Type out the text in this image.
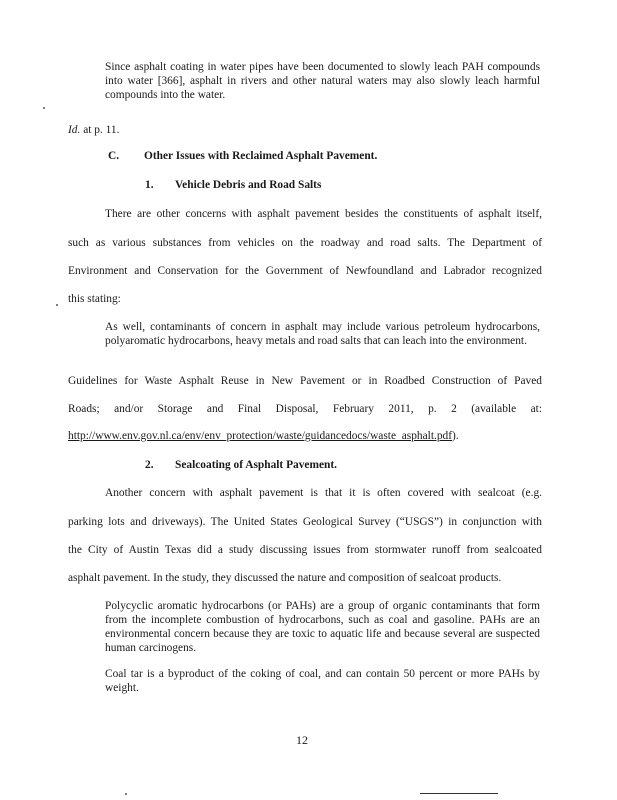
Since asphalt coating in water pipes have been documented to slowly leach PAH compounds into water [366], asphalt in rivers and other natural waters may also slowly leach harmful compounds into the water.

Id. at p. 11.
C. Other Issues with Reclaimed Asphalt Pavement.
1. Vehicle Debris and Road Salts
There are other concerns with asphalt pavement besides the constituents of asphalt itself,
such as various substances from vehicles on the roadway and road salts. The Department of
Environment and Conservation for the Government of Newfoundland and Labrador recognized
this stating:

As well, contaminants of concern in asphalt may include various petroleum hydrocarbons, polyaromatic hydrocarbons, heavy metals and road salts that can leach into the environment.

Guidelines for Waste Asphalt Reuse in New Pavement or in Roadbed Construction of Paved
Roads; and/or Storage and Final Disposal, February 2011, p. 2 (available at:
http://www.env.gov.nl.ca/env/env_protection/waste/guidancedocs/waste_asphalt.pdf).
2. Sealcoating of Asphalt Pavement.
Another concern with asphalt pavement is that it is often covered with sealcoat (e.g.
parking lots and driveways). The United States Geological Survey (“USGS”) in conjunction with
the City of Austin Texas did a study discussing issues from stormwater runoff from sealcoated
asphalt pavement. In the study, they discussed the nature and composition of sealcoat products.

Polycyclic aromatic hydrocarbons (or PAHs) are a group of organic contaminants that form from the incomplete combustion of hydrocarbons, such as coal and gasoline. PAHs are an environmental concern because they are toxic to aquatic life and because several are suspected human carcinogens.

Coal tar is a byproduct of the coking of coal, and can contain 50 percent or more PAHs by weight.

12
